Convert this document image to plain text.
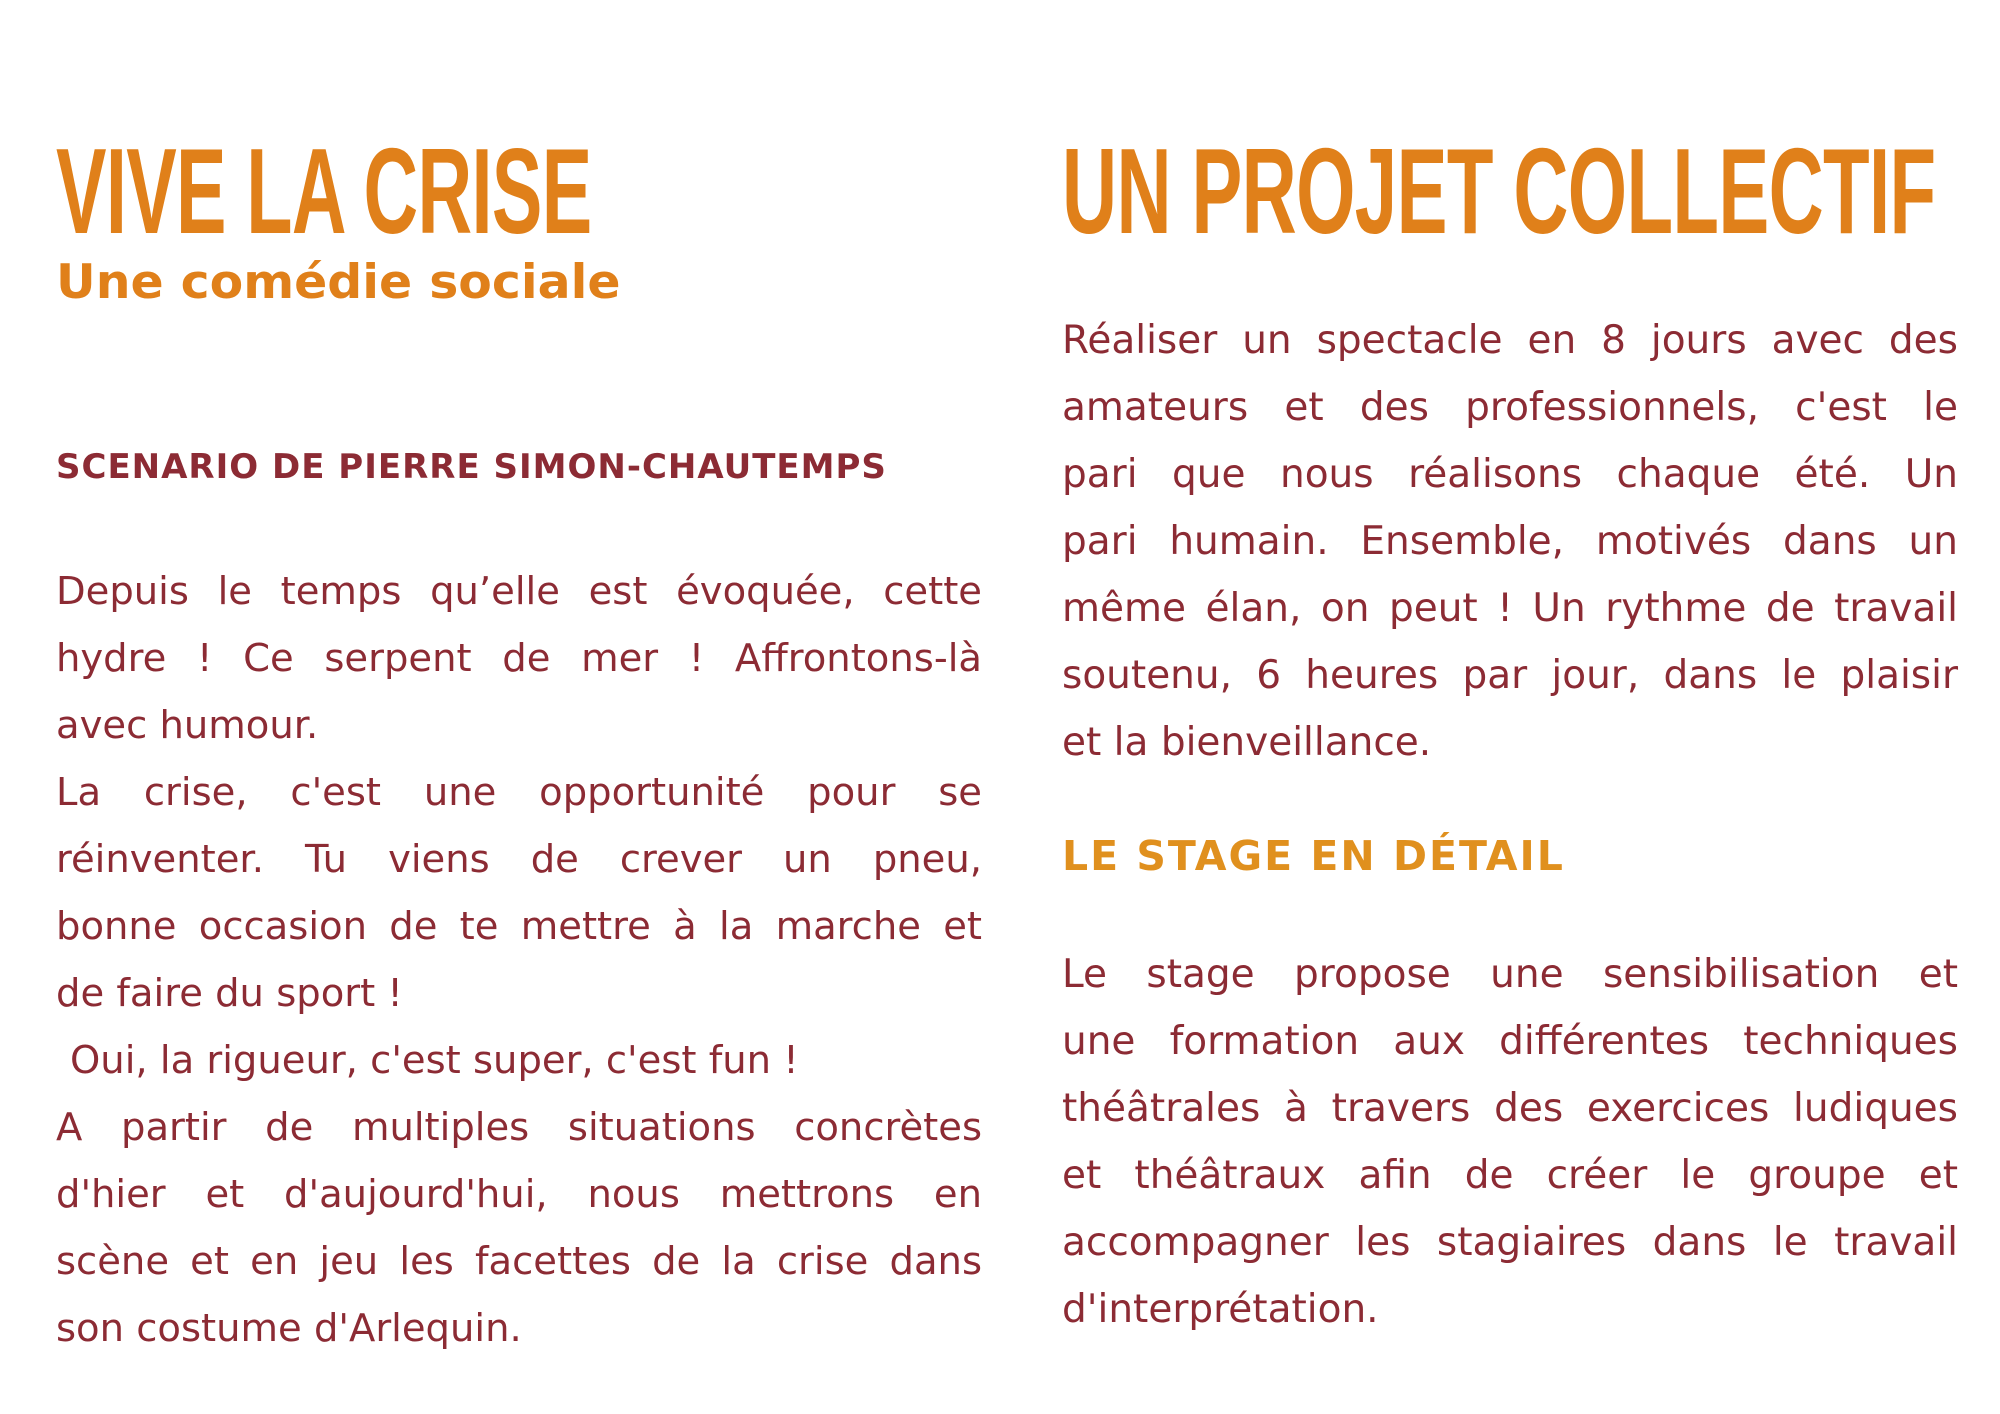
VIVE LA CRISE
Une comédie sociale
SCENARIO DE PIERRE SIMON-CHAUTEMPS
Depuis le temps qu’elle est évoquée, cette
hydre ! Ce serpent de mer ! Affrontons-là
avec humour.
La crise, c'est une opportunité pour se
réinventer. Tu viens de crever un pneu,
bonne occasion de te mettre à la marche et
de faire du sport !
Oui, la rigueur, c'est super, c'est fun !
A partir de multiples situations concrètes
d'hier et d'aujourd'hui, nous mettrons en
scène et en jeu les facettes de la crise dans
son costume d'Arlequin.
UN PROJET COLLECTIF
Réaliser un spectacle en 8 jours avec des
amateurs et des professionnels, c'est le
pari que nous réalisons chaque été. Un
pari humain. Ensemble, motivés dans un
même élan, on peut ! Un rythme de travail
soutenu, 6 heures par jour, dans le plaisir
et la bienveillance.
LE STAGE EN DÉTAIL
Le stage propose une sensibilisation et
une formation aux différentes techniques
théâtrales à travers des exercices ludiques
et théâtraux afin de créer le groupe et
accompagner les stagiaires dans le travail
d'interprétation.
